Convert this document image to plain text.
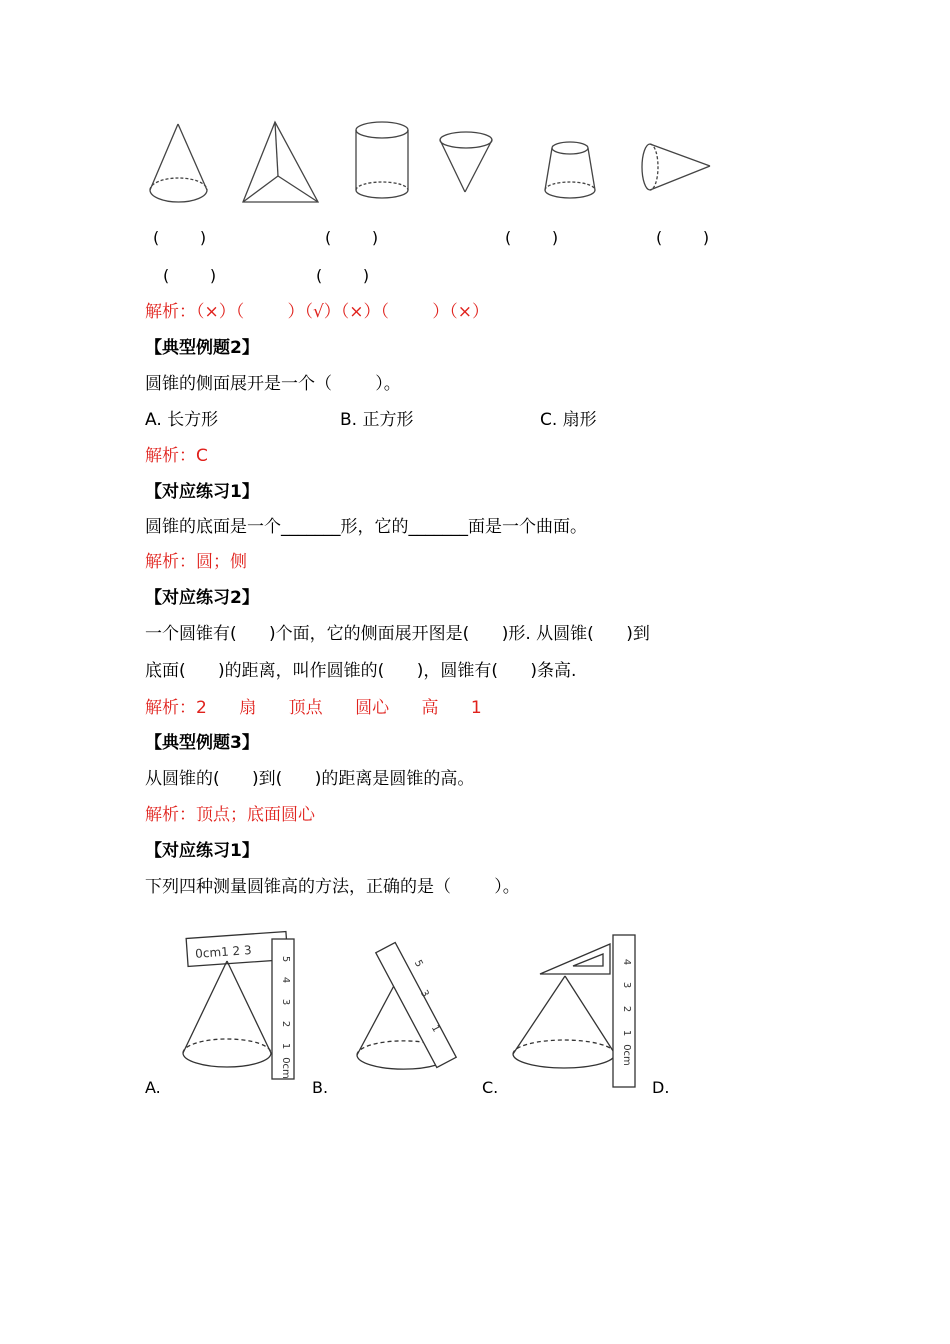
(        )	(        )	(        )	(        )
(        )	(        )
解析：（×）（        ）（√）（×）（        ）（×）
【典型例题2】
圆锥的侧面展开是一个（        ）。
A. 长方形	B. 正方形	C. 扇形
解析：C
【对应练习1】
圆锥的底面是一个_______形，它的_______面是一个曲面。
解析：圆；侧
【对应练习2】
一个圆锥有(      )个面，它的侧面展开图是(      )形. 从圆锥(      )到
底面(      )的距离，叫作圆锥的(      )，圆锥有(      )条高.
解析：2      扇      顶点      圆心      高      1
【典型例题3】
从圆锥的(      )到(      )的距离是圆锥的高。
解析：顶点；底面圆心
【对应练习1】
下列四种测量圆锥高的方法，正确的是（        ）。
0cm1 2 3	5
4
3
2
1
0cm
5
3
1
4
3
2
1
0cm
A.	B.	C.	D.
